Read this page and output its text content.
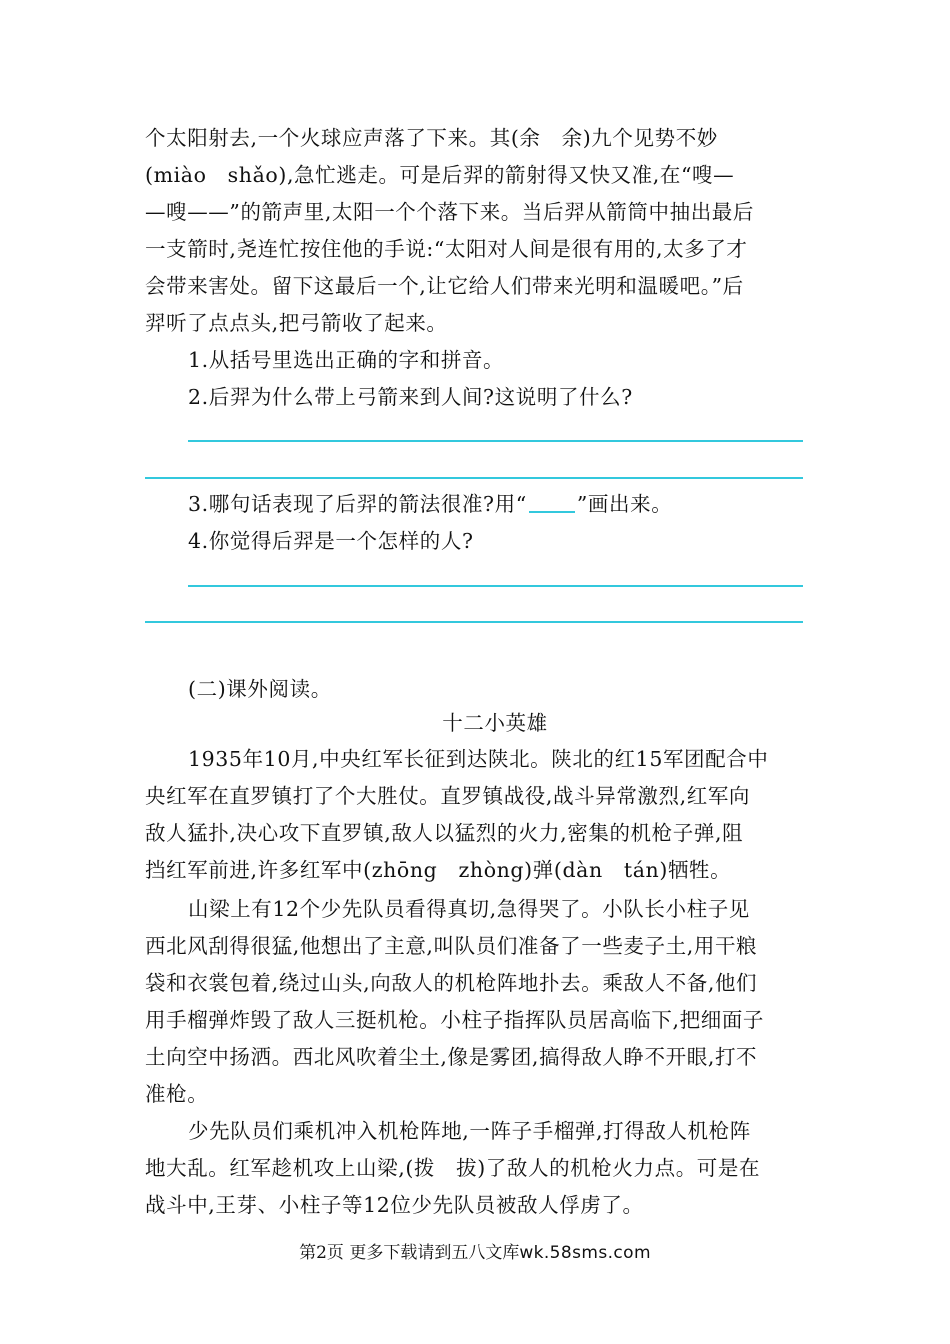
个太阳射去,一个火球应声落了下来。其(余　余)九个见势不妙
(miào　shǎo),急忙逃走。可是后羿的箭射得又快又准,在“嗖—
—嗖——”的箭声里,太阳一个个落下来。当后羿从箭筒中抽出最后
一支箭时,尧连忙按住他的手说:“太阳对人间是很有用的,太多了才
会带来害处。留下这最后一个,让它给人们带来光明和温暖吧。”后
羿听了点点头,把弓箭收了起来。
1.从括号里选出正确的字和拼音。
2.后羿为什么带上弓箭来到人间?这说明了什么?
3.哪句话表现了后羿的箭法很准?用“ ”画出来。
4.你觉得后羿是一个怎样的人?
(二)课外阅读。
十二小英雄
1935年10月,中央红军长征到达陕北。陕北的红15军团配合中
央红军在直罗镇打了个大胜仗。直罗镇战役,战斗异常激烈,红军向
敌人猛扑,决心攻下直罗镇,敌人以猛烈的火力,密集的机枪子弹,阻
挡红军前进,许多红军中(zhōng　zhòng)弹(dàn　tán)牺牲。
山梁上有12个少先队员看得真切,急得哭了。小队长小柱子见
西北风刮得很猛,他想出了主意,叫队员们准备了一些麦子土,用干粮
袋和衣裳包着,绕过山头,向敌人的机枪阵地扑去。乘敌人不备,他们
用手榴弹炸毁了敌人三挺机枪。小柱子指挥队员居高临下,把细面子
土向空中扬洒。西北风吹着尘土,像是雾团,搞得敌人睁不开眼,打不
准枪。
少先队员们乘机冲入机枪阵地,一阵子手榴弹,打得敌人机枪阵
地大乱。红军趁机攻上山梁,(拨　拔)了敌人的机枪火力点。可是在
战斗中,王芽、小柱子等12位少先队员被敌人俘虏了。
第2页 更多下载请到五八文库wk.58sms.com
